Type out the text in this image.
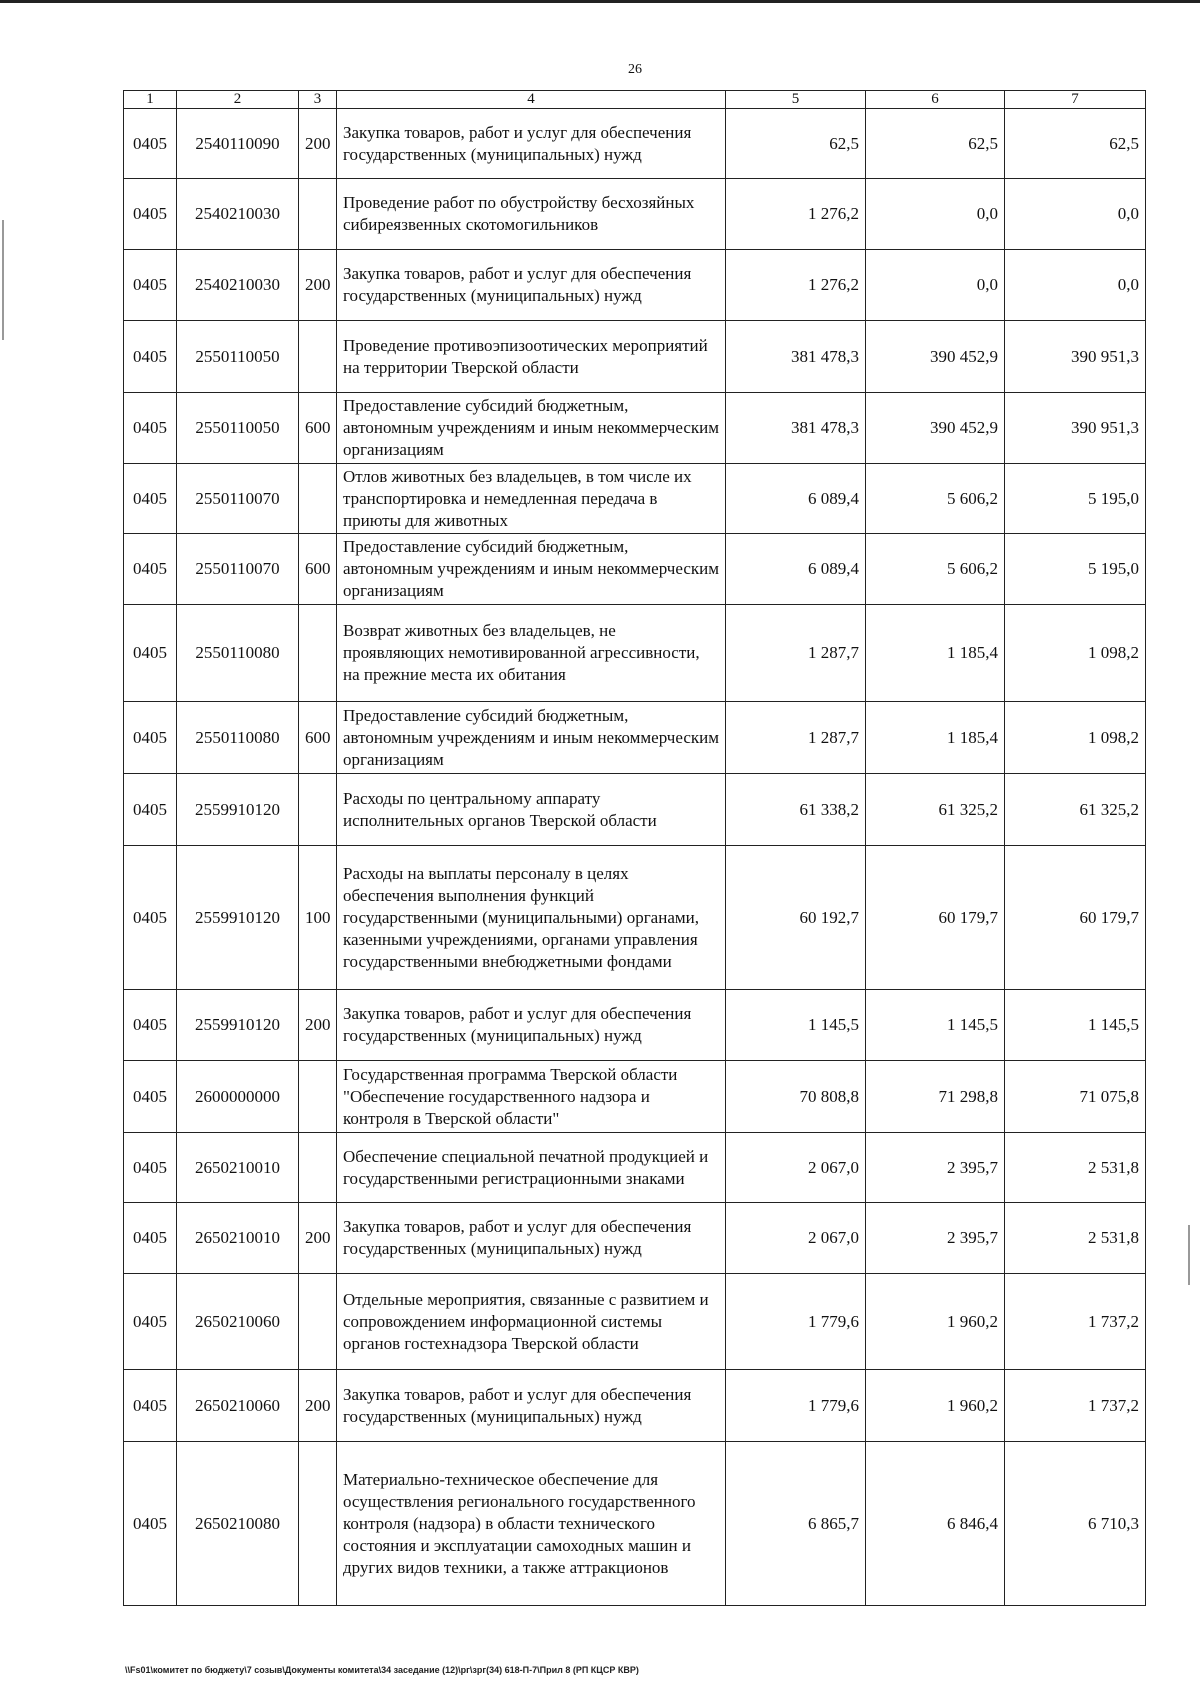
26
1	2	3	4	5	6	7
0405	2540110090	200	Закупка товаров, работ и услуг для обеспечения государственных (муниципальных) нужд	62,5	62,5	62,5
0405	2540210030		Проведение работ по обустройству бесхозяйных сибиреязвенных скотомогильников	1 276,2	0,0	0,0
0405	2540210030	200	Закупка товаров, работ и услуг для обеспечения государственных (муниципальных) нужд	1 276,2	0,0	0,0
0405	2550110050		Проведение противоэпизоотических мероприятий на территории Тверской области	381 478,3	390 452,9	390 951,3
0405	2550110050	600	Предоставление субсидий бюджетным, автономным учреждениям и иным некоммерческим организациям	381 478,3	390 452,9	390 951,3
0405	2550110070		Отлов животных без владельцев, в том числе их транспортировка и немедленная передача в приюты для животных	6 089,4	5 606,2	5 195,0
0405	2550110070	600	Предоставление субсидий бюджетным, автономным учреждениям и иным некоммерческим организациям	6 089,4	5 606,2	5 195,0
0405	2550110080		Возврат животных без владельцев, не проявляющих немотивированной агрессивности, на прежние места их обитания	1 287,7	1 185,4	1 098,2
0405	2550110080	600	Предоставление субсидий бюджетным, автономным учреждениям и иным некоммерческим организациям	1 287,7	1 185,4	1 098,2
0405	2559910120		Расходы по центральному аппарату исполнительных органов Тверской области	61 338,2	61 325,2	61 325,2
0405	2559910120	100	Расходы на выплаты персоналу в целях обеспечения выполнения функций государственными (муниципальными) органами, казенными учреждениями, органами управления государственными внебюджетными фондами	60 192,7	60 179,7	60 179,7
0405	2559910120	200	Закупка товаров, работ и услуг для обеспечения государственных (муниципальных) нужд	1 145,5	1 145,5	1 145,5
0405	2600000000		Государственная программа Тверской области "Обеспечение государственного надзора и контроля в Тверской области"	70 808,8	71 298,8	71 075,8
0405	2650210010		Обеспечение специальной печатной продукцией и государственными регистрационными знаками	2 067,0	2 395,7	2 531,8
0405	2650210010	200	Закупка товаров, работ и услуг для обеспечения государственных (муниципальных) нужд	2 067,0	2 395,7	2 531,8
0405	2650210060		Отдельные мероприятия, связанные с развитием и сопровождением информационной системы органов гостехнадзора Тверской области	1 779,6	1 960,2	1 737,2
0405	2650210060	200	Закупка товаров, работ и услуг для обеспечения государственных (муниципальных) нужд	1 779,6	1 960,2	1 737,2
0405	2650210080		Материально-техническое обеспечение для осуществления регионального государственного контроля (надзора) в области технического состояния и эксплуатации самоходных машин и других видов техники, а также аттракционов	6 865,7	6 846,4	6 710,3
\\Fs01\комитет по бюджету\7 созыв\Документы комитета\34 заседание (12)\рг\зрг(34) 618-П-7\Прил 8 (РП КЦСР КВР)
